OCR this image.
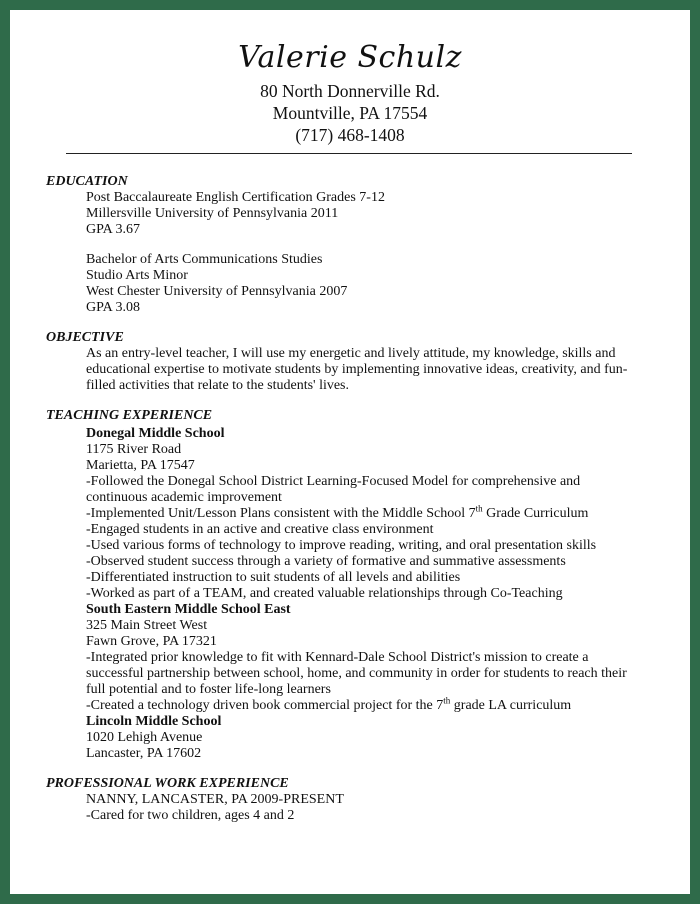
Valerie Schulz
80 North Donnerville Rd.
Mountville, PA 17554
(717) 468-1408
EDUCATION
Post Baccalaureate English Certification Grades 7-12
Millersville University of Pennsylvania 2011
GPA 3.67
Bachelor of Arts Communications Studies
Studio Arts Minor
West Chester University of Pennsylvania 2007
GPA 3.08
OBJECTIVE
As an entry-level teacher, I will use my energetic and lively attitude, my knowledge, skills and
educational expertise to motivate students by implementing innovative ideas, creativity, and fun-
filled activities that relate to the students' lives.
TEACHING EXPERIENCE
Donegal Middle School
1175 River Road
Marietta, PA 17547
-Followed the Donegal School District Learning-Focused Model for comprehensive and
continuous academic improvement
-Implemented Unit/Lesson Plans consistent with the Middle School 7th Grade Curriculum
-Engaged students in an active and creative class environment
-Used various forms of technology to improve reading, writing, and oral presentation skills
-Observed student success through a variety of formative and summative assessments
-Differentiated instruction to suit students of all levels and abilities
-Worked as part of a TEAM, and created valuable relationships through Co-Teaching
South Eastern Middle School East
325 Main Street West
Fawn Grove, PA 17321
-Integrated prior knowledge to fit with Kennard-Dale School District's mission to create a
successful partnership between school, home, and community in order for students to reach their
full potential and to foster life-long learners
-Created a technology driven book commercial project for the 7th grade LA curriculum
Lincoln Middle School
1020 Lehigh Avenue
Lancaster, PA 17602
PROFESSIONAL WORK EXPERIENCE
NANNY, LANCASTER, PA 2009-PRESENT
-Cared for two children, ages 4 and 2
